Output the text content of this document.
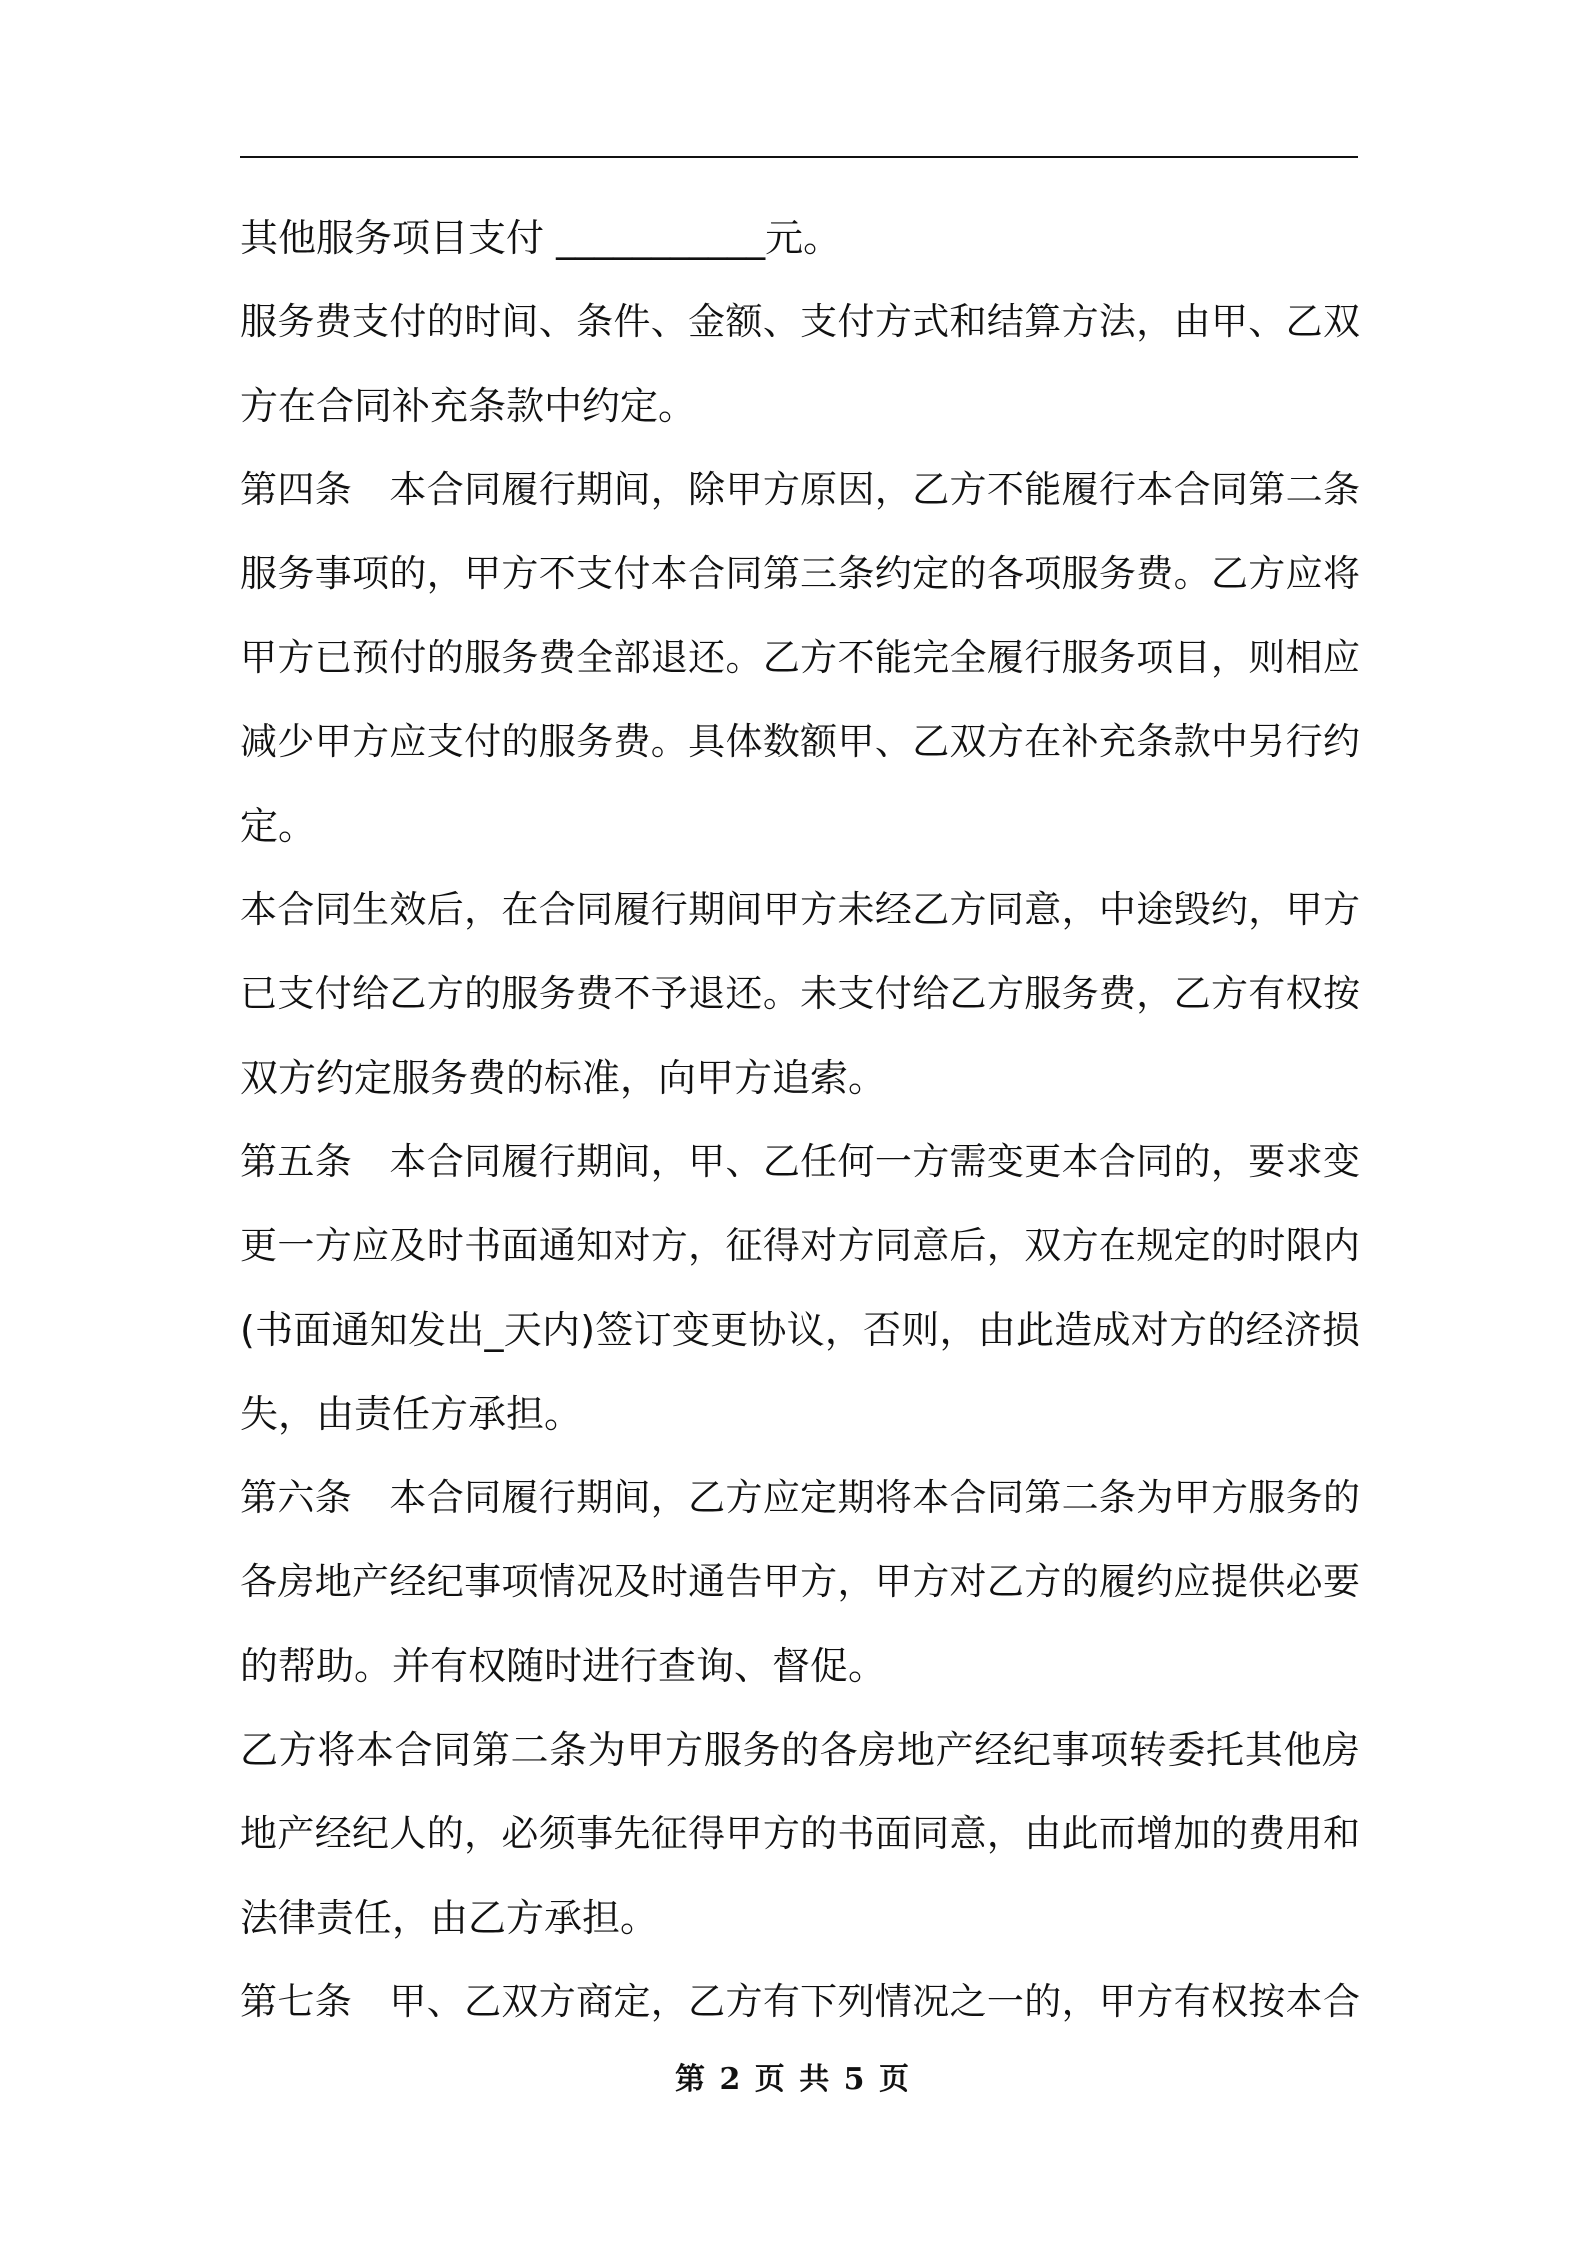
其他服务项目支付 ___________元。
服务费支付的时间、条件、金额、支付方式和结算方法，由甲、乙双
方在合同补充条款中约定。
第四条　本合同履行期间，除甲方原因，乙方不能履行本合同第二条
服务事项的，甲方不支付本合同第三条约定的各项服务费。乙方应将
甲方已预付的服务费全部退还。乙方不能完全履行服务项目，则相应
减少甲方应支付的服务费。具体数额甲、乙双方在补充条款中另行约
定。
本合同生效后，在合同履行期间甲方未经乙方同意，中途毁约，甲方
已支付给乙方的服务费不予退还。未支付给乙方服务费，乙方有权按
双方约定服务费的标准，向甲方追索。
第五条　本合同履行期间，甲、乙任何一方需变更本合同的，要求变
更一方应及时书面通知对方，征得对方同意后，双方在规定的时限内
(书面通知发出_天内)签订变更协议，否则，由此造成对方的经济损
失，由责任方承担。
第六条　本合同履行期间，乙方应定期将本合同第二条为甲方服务的
各房地产经纪事项情况及时通告甲方，甲方对乙方的履约应提供必要
的帮助。并有权随时进行查询、督促。
乙方将本合同第二条为甲方服务的各房地产经纪事项转委托其他房
地产经纪人的，必须事先征得甲方的书面同意，由此而增加的费用和
法律责任，由乙方承担。
第七条　甲、乙双方商定，乙方有下列情况之一的，甲方有权按本合
第 2 页 共 5 页
